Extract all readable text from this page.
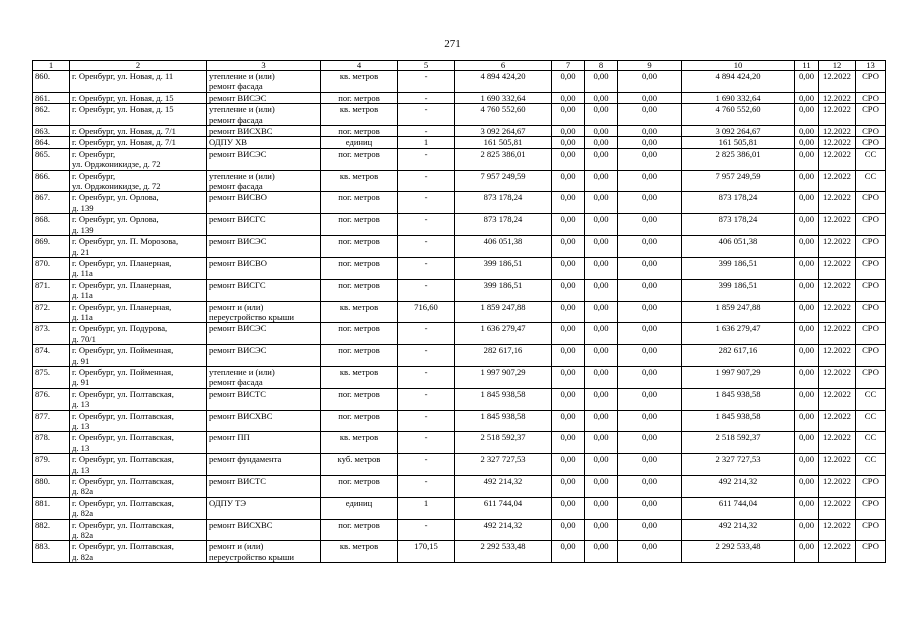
271
1	2	3	4	5	6	7	8	9	10	11	12	13
860.	г. Оренбург, ул. Новая, д. 11	утепление и (или)
ремонт фасада	кв. метров	-	4 894 424,20	0,00	0,00	0,00	4 894 424,20	0,00	12.2022	СРО
861.	г. Оренбург, ул. Новая, д. 15	ремонт ВИСЭС	пог. метров	-	1 690 332,64	0,00	0,00	0,00	1 690 332,64	0,00	12.2022	СРО
862.	г. Оренбург, ул. Новая, д. 15	утепление и (или)
ремонт фасада	кв. метров	-	4 760 552,60	0,00	0,00	0,00	4 760 552,60	0,00	12.2022	СРО
863.	г. Оренбург, ул. Новая, д. 7/1	ремонт ВИСХВС	пог. метров	-	3 092 264,67	0,00	0,00	0,00	3 092 264,67	0,00	12.2022	СРО
864.	г. Оренбург, ул. Новая, д. 7/1	ОДПУ ХВ	единиц	1	161 505,81	0,00	0,00	0,00	161 505,81	0,00	12.2022	СРО
865.	г. Оренбург,
ул. Орджоникидзе, д. 72	ремонт ВИСЭС	пог. метров	-	2 825 386,01	0,00	0,00	0,00	2 825 386,01	0,00	12.2022	СС
866.	г. Оренбург,
ул. Орджоникидзе, д. 72	утепление и (или)
ремонт фасада	кв. метров	-	7 957 249,59	0,00	0,00	0,00	7 957 249,59	0,00	12.2022	СС
867.	г. Оренбург, ул. Орлова,
д. 139	ремонт ВИСВО	пог. метров	-	873 178,24	0,00	0,00	0,00	873 178,24	0,00	12.2022	СРО
868.	г. Оренбург, ул. Орлова,
д. 139	ремонт ВИСГС	пог. метров	-	873 178,24	0,00	0,00	0,00	873 178,24	0,00	12.2022	СРО
869.	г. Оренбург, ул. П. Морозова,
д. 21	ремонт ВИСЭС	пог. метров	-	406 051,38	0,00	0,00	0,00	406 051,38	0,00	12.2022	СРО
870.	г. Оренбург, ул. Планерная,
д. 11а	ремонт ВИСВО	пог. метров	-	399 186,51	0,00	0,00	0,00	399 186,51	0,00	12.2022	СРО
871.	г. Оренбург, ул. Планерная,
д. 11а	ремонт ВИСГС	пог. метров	-	399 186,51	0,00	0,00	0,00	399 186,51	0,00	12.2022	СРО
872.	г. Оренбург, ул. Планерная,
д. 11а	ремонт и (или)
переустройство крыши	кв. метров	716,60	1 859 247,88	0,00	0,00	0,00	1 859 247,88	0,00	12.2022	СРО
873.	г. Оренбург, ул. Подурова,
д. 70/1	ремонт ВИСЭС	пог. метров	-	1 636 279,47	0,00	0,00	0,00	1 636 279,47	0,00	12.2022	СРО
874.	г. Оренбург, ул. Пойменная,
д. 91	ремонт ВИСЭС	пог. метров	-	282 617,16	0,00	0,00	0,00	282 617,16	0,00	12.2022	СРО
875.	г. Оренбург, ул. Пойменная,
д. 91	утепление и (или)
ремонт фасада	кв. метров	-	1 997 907,29	0,00	0,00	0,00	1 997 907,29	0,00	12.2022	СРО
876.	г. Оренбург, ул. Полтавская,
д. 13	ремонт ВИСТС	пог. метров	-	1 845 938,58	0,00	0,00	0,00	1 845 938,58	0,00	12.2022	СС
877.	г. Оренбург, ул. Полтавская,
д. 13	ремонт ВИСХВС	пог. метров	-	1 845 938,58	0,00	0,00	0,00	1 845 938,58	0,00	12.2022	СС
878.	г. Оренбург, ул. Полтавская,
д. 13	ремонт ПП	кв. метров	-	2 518 592,37	0,00	0,00	0,00	2 518 592,37	0,00	12.2022	СС
879.	г. Оренбург, ул. Полтавская,
д. 13	ремонт фундамента	куб. метров	-	2 327 727,53	0,00	0,00	0,00	2 327 727,53	0,00	12.2022	СС
880.	г. Оренбург, ул. Полтавская,
д. 82а	ремонт ВИСТС	пог. метров	-	492 214,32	0,00	0,00	0,00	492 214,32	0,00	12.2022	СРО
881.	г. Оренбург, ул. Полтавская,
д. 82а	ОДПУ ТЭ	единиц	1	611 744,04	0,00	0,00	0,00	611 744,04	0,00	12.2022	СРО
882.	г. Оренбург, ул. Полтавская,
д. 82а	ремонт ВИСХВС	пог. метров	-	492 214,32	0,00	0,00	0,00	492 214,32	0,00	12.2022	СРО
883.	г. Оренбург, ул. Полтавская,
д. 82а	ремонт и (или)
переустройство крыши	кв. метров	170,15	2 292 533,48	0,00	0,00	0,00	2 292 533,48	0,00	12.2022	СРО
